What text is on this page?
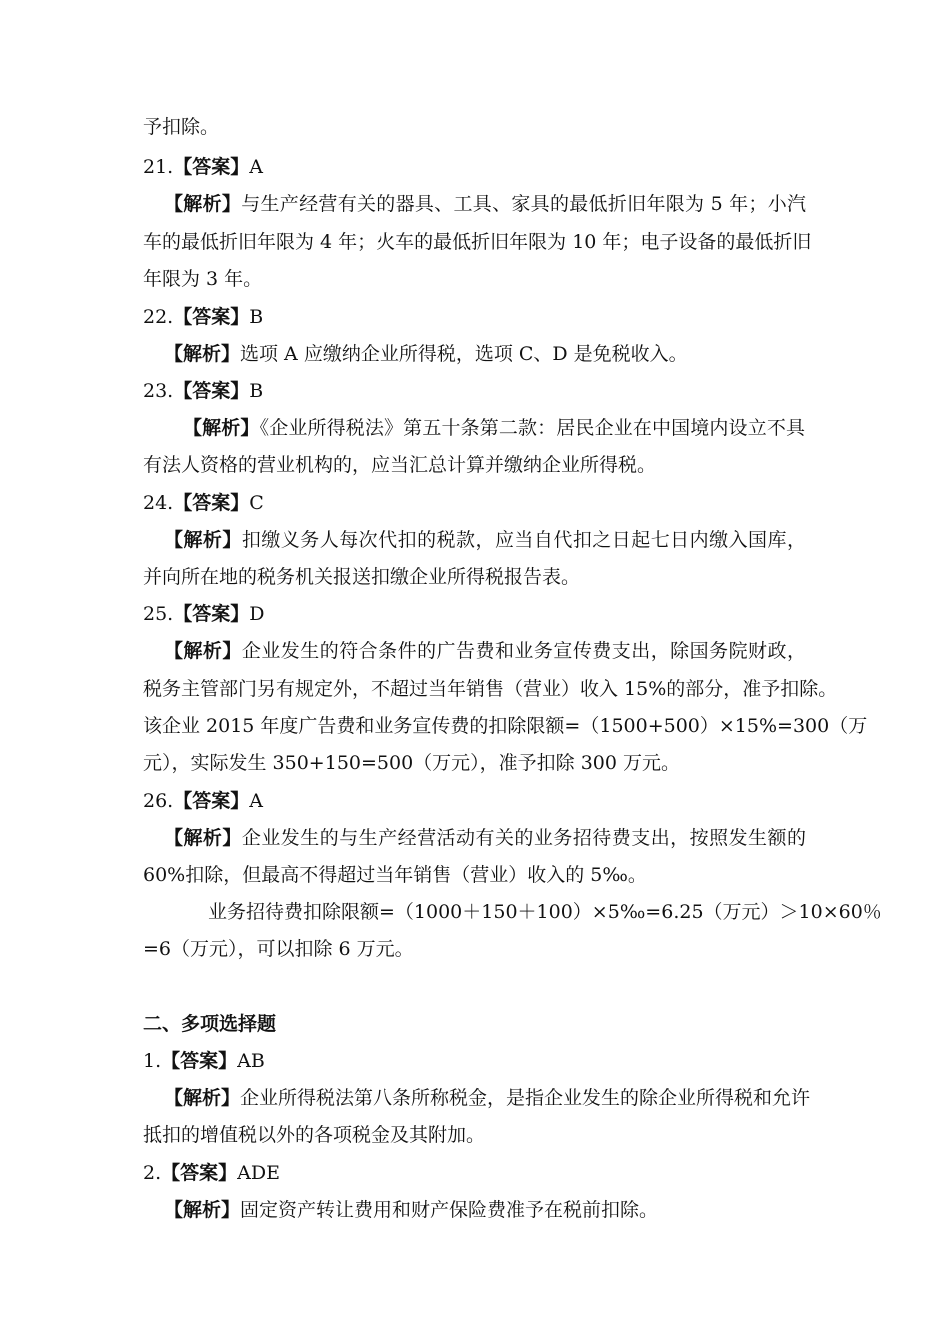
予扣除。
21.【答案】A
【解析】与生产经营有关的器具、工具、家具的最低折旧年限为 5 年；小汽
车的最低折旧年限为 4 年；火车的最低折旧年限为 10 年；电子设备的最低折旧
年限为 3 年。
22.【答案】B
【解析】选项 A 应缴纳企业所得税，选项 C、D 是免税收入。
23.【答案】B
【解析】《企业所得税法》第五十条第二款：居民企业在中国境内设立不具
有法人资格的营业机构的，应当汇总计算并缴纳企业所得税。
24.【答案】C
【解析】扣缴义务人每次代扣的税款，应当自代扣之日起七日内缴入国库，
并向所在地的税务机关报送扣缴企业所得税报告表。
25.【答案】D
【解析】企业发生的符合条件的广告费和业务宣传费支出，除国务院财政，
税务主管部门另有规定外，不超过当年销售（营业）收入 15%的部分，准予扣除。
该企业 2015 年度广告费和业务宣传费的扣除限额=（1500+500）×15%=300（万
元），实际发生 350+150=500（万元），准予扣除 300 万元。
26.【答案】A
【解析】企业发生的与生产经营活动有关的业务招待费支出，按照发生额的
60%扣除，但最高不得超过当年销售（营业）收入的 5‰。
业务招待费扣除限额=（1000＋150＋100）×5‰=6.25（万元）＞10×60％
=6（万元），可以扣除 6 万元。
二、多项选择题
1.【答案】AB
【解析】企业所得税法第八条所称税金，是指企业发生的除企业所得税和允许
抵扣的增值税以外的各项税金及其附加。
2.【答案】ADE
【解析】固定资产转让费用和财产保险费准予在税前扣除。
